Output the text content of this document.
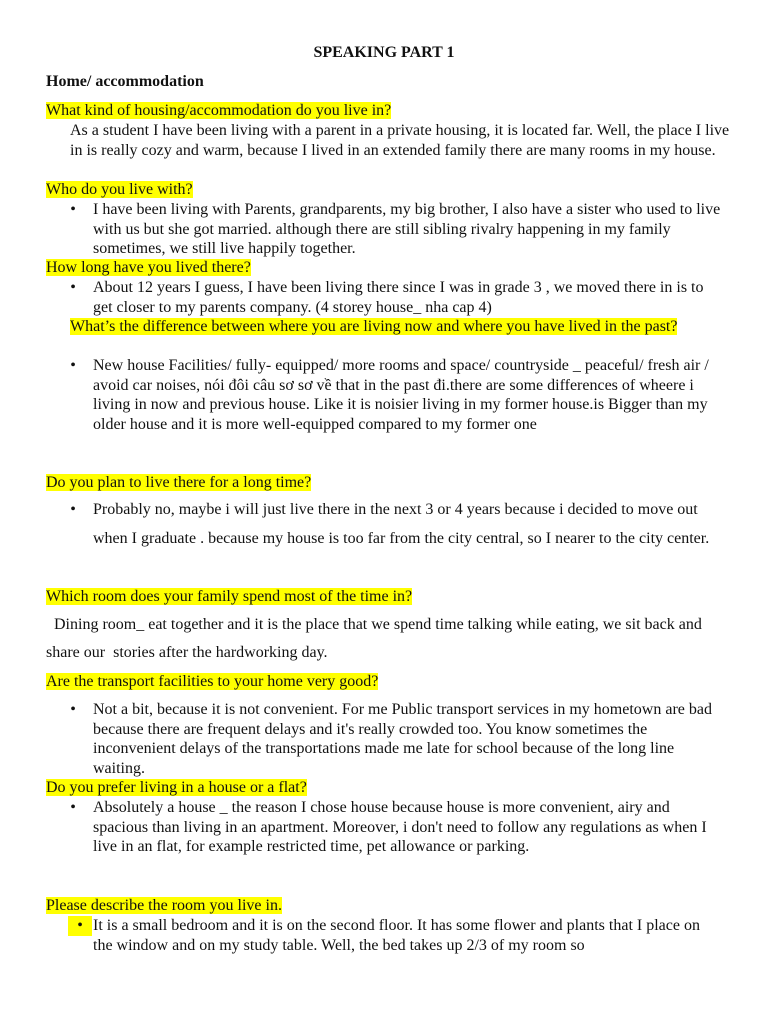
SPEAKING PART 1
Home/ accommodation
What kind of housing/accommodation do you live in?
As a student I have been living with a parent in a private housing, it is located far. Well, the place I live in is really cozy and warm, because I lived in an extended family there are many rooms in my house.
Who do you live with?
• I have been living with Parents, grandparents, my big brother, I also have a sister who used to live with us but she got married. although there are still sibling rivalry happening in my family sometimes, we still live happily together.
How long have you lived there?
• About 12 years I guess, I have been living there since I was in grade 3 , we moved there in is to get closer to my parents company. (4 storey house_ nha cap 4)
What’s the difference between where you are living now and where you have lived in the past?
• New house Facilities/ fully- equipped/ more rooms and space/ countryside _ peaceful/ fresh air / avoid car noises, nói đôi câu sơ sơ về that in the past đi.there are some differences of wheere i living in now and previous house. Like it is noisier living in my former house.is Bigger than my older house and it is more well-equipped compared to my former one
Do you plan to live there for a long time?
• Probably no, maybe i will just live there in the next 3 or 4 years because i decided to move out when I graduate . because my house is too far from the city central, so I nearer to the city center.
Which room does your family spend most of the time in?
Dining room_ eat together and it is the place that we spend time talking while eating, we sit back and share our  stories after the hardworking day.
Are the transport facilities to your home very good?
• Not a bit, because it is not convenient. For me Public transport services in my hometown are bad because there are frequent delays and it's really crowded too. You know sometimes the inconvenient delays of the transportations made me late for school because of the long line waiting.
Do you prefer living in a house or a flat?
• Absolutely a house _ the reason I chose house because house is more convenient, airy and spacious than living in an apartment. Moreover, i don't need to follow any regulations as when I live in an flat, for example restricted time, pet allowance or parking.
Please describe the room you live in.
• It is a small bedroom and it is on the second floor. It has some flower and plants that I place on the window and on my study table. Well, the bed takes up 2/3 of my room so
